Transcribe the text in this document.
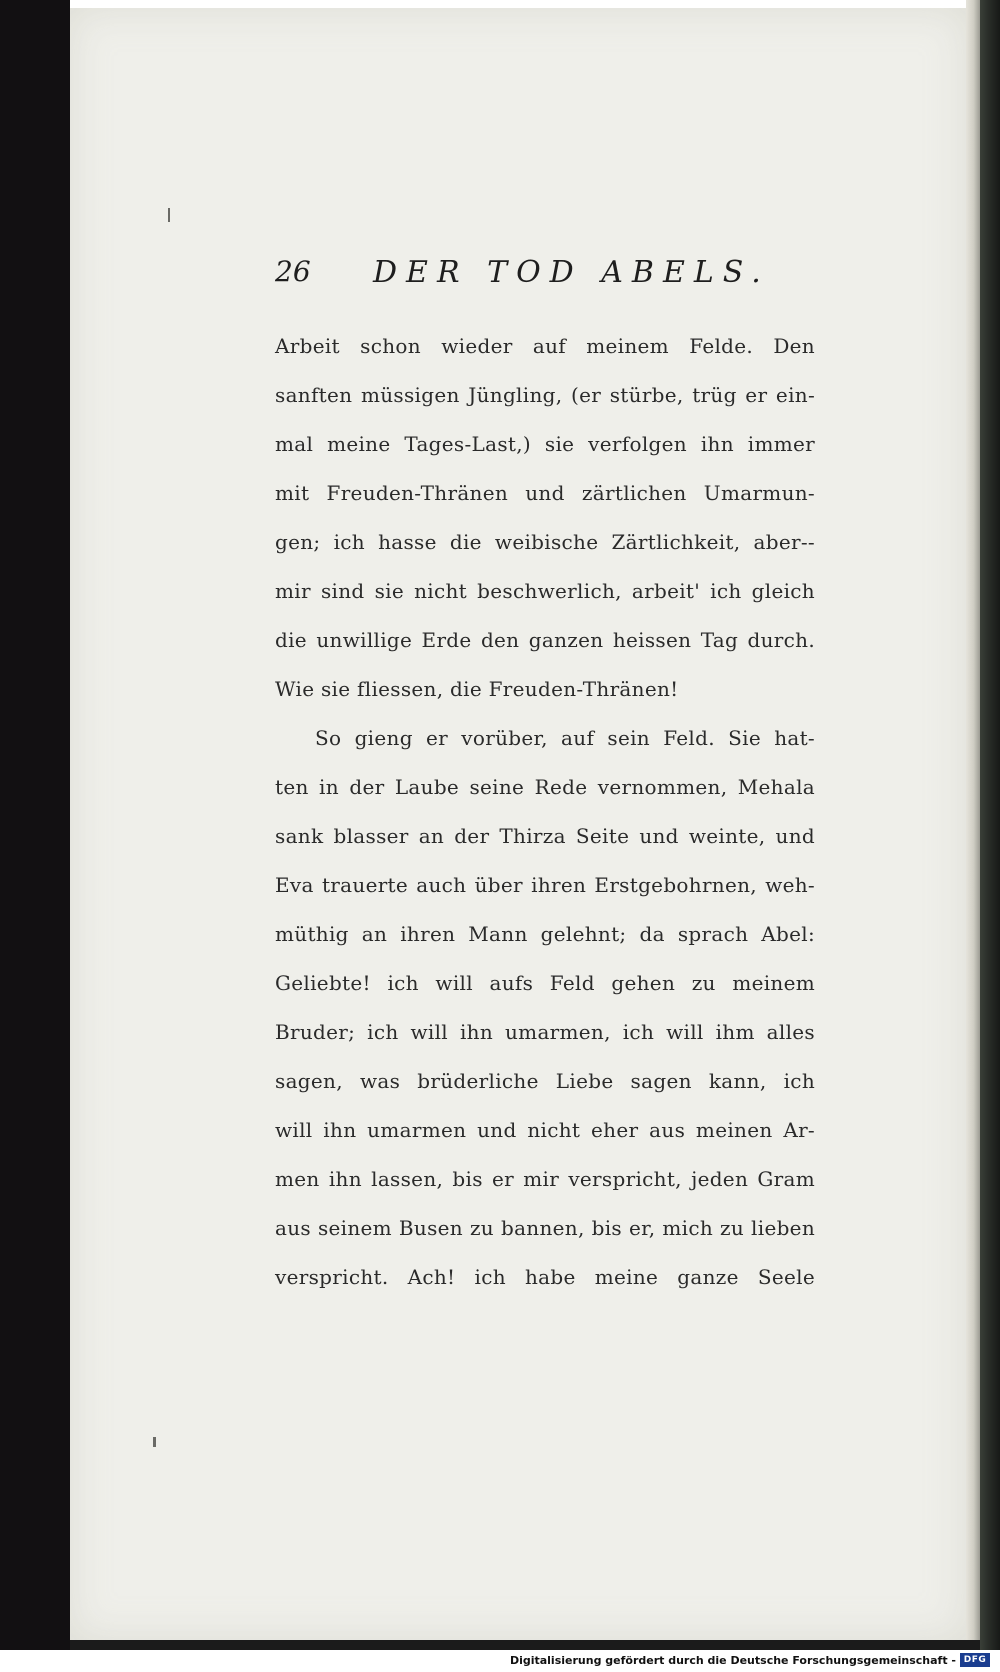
26 DER TOD ABELS.
Arbeit schon wieder auf meinem Felde. Den
sanften müssigen Jüngling, (er stürbe, trüg er ein-
mal meine Tages-Last,) sie verfolgen ihn immer
mit Freuden-Thränen und zärtlichen Umarmun-
gen; ich hasse die weibische Zärtlichkeit, aber--
mir sind sie nicht beschwerlich, arbeit' ich gleich
die unwillige Erde den ganzen heissen Tag durch.
Wie sie fliessen, die Freuden-Thränen!
So gieng er vorüber, auf sein Feld. Sie hat-
ten in der Laube seine Rede vernommen, Mehala
sank blasser an der Thirza Seite und weinte, und
Eva trauerte auch über ihren Erstgebohrnen, weh-
müthig an ihren Mann gelehnt; da sprach Abel:
Geliebte! ich will aufs Feld gehen zu meinem
Bruder; ich will ihn umarmen, ich will ihm alles
sagen, was brüderliche Liebe sagen kann, ich
will ihn umarmen und nicht eher aus meinen Ar-
men ihn lassen, bis er mir verspricht, jeden Gram
aus seinem Busen zu bannen, bis er, mich zu lieben
verspricht. Ach! ich habe meine ganze Seele
Digitalisierung gefördert durch die Deutsche Forschungsgemeinschaft - DFG
